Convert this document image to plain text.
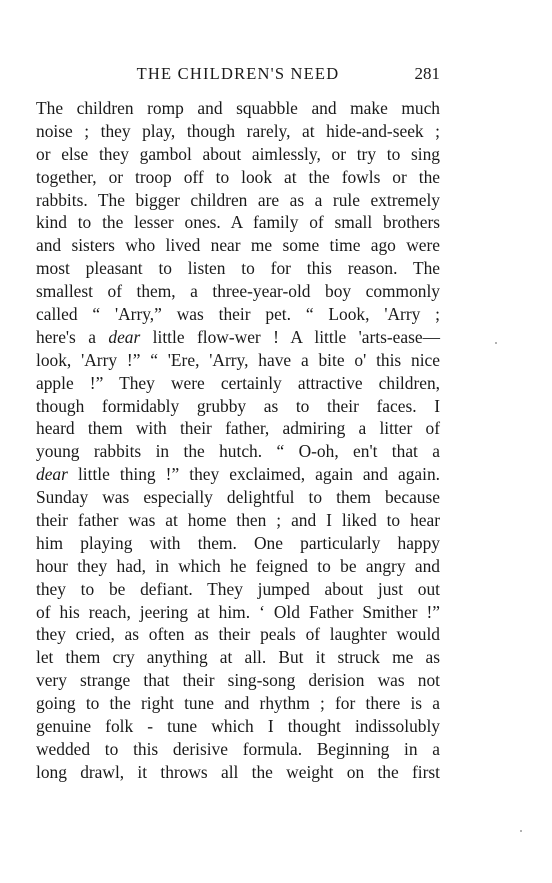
THE CHILDREN'S NEED	281
The children romp and squabble and make much
noise ; they play, though rarely, at hide-and-seek ;
or else they gambol about aimlessly, or try to sing
together, or troop off to look at the fowls or the
rabbits. The bigger children are as a rule extremely
kind to the lesser ones. A family of small brothers
and sisters who lived near me some time ago were
most pleasant to listen to for this reason. The
smallest of them, a three-year-old boy commonly
called “ 'Arry,” was their pet. “ Look, 'Arry ;
here's a dear little flow-wer ! A little 'arts-ease—
look, 'Arry !” “ 'Ere, 'Arry, have a bite o' this nice
apple !” They were certainly attractive children,
though formidably grubby as to their faces. I
heard them with their father, admiring a litter of
young rabbits in the hutch. “ O-oh, en't that a
dear little thing !” they exclaimed, again and again.
Sunday was especially delightful to them because
their father was at home then ; and I liked to hear
him playing with them. One particularly happy
hour they had, in which he feigned to be angry and
they to be defiant. They jumped about just out
of his reach, jeering at him. ‘ Old Father Smither !”
they cried, as often as their peals of laughter would
let them cry anything at all. But it struck me as
very strange that their sing-song derision was not
going to the right tune and rhythm ; for there is a
genuine folk - tune which I thought indissolubly
wedded to this derisive formula. Beginning in a
long drawl, it throws all the weight on the first
